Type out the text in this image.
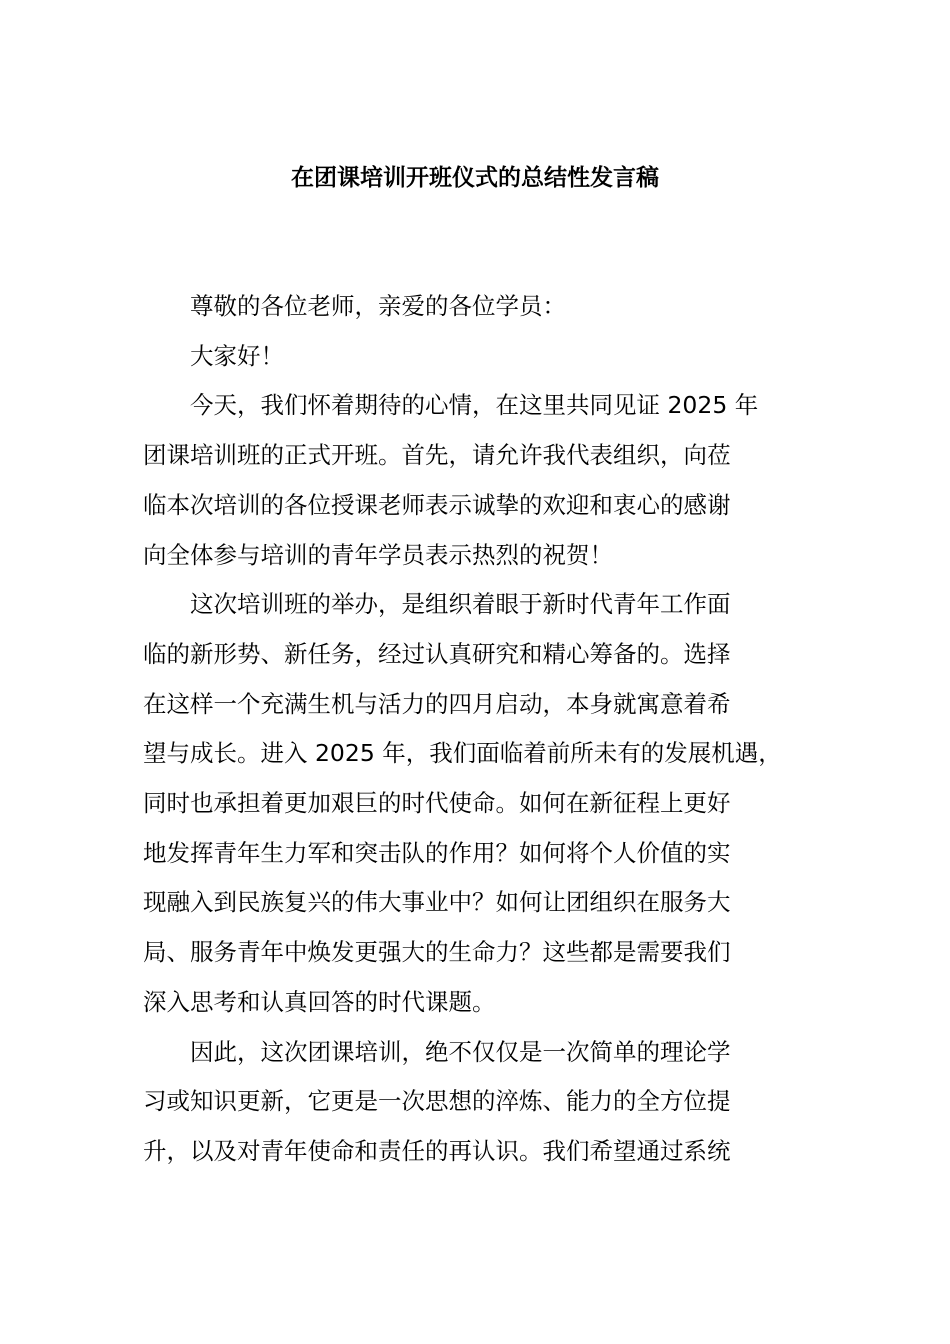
在团课培训开班仪式的总结性发言稿

尊敬的各位老师，亲爱的各位学员：

大家好！

今天，我们怀着期待的心情，在这里共同见证 2025 年
团课培训班的正式开班。首先，请允许我代表组织，向莅
临本次培训的各位授课老师表示诚挚的欢迎和衷心的感谢
向全体参与培训的青年学员表示热烈的祝贺！

这次培训班的举办，是组织着眼于新时代青年工作面
临的新形势、新任务，经过认真研究和精心筹备的。选择
在这样一个充满生机与活力的四月启动，本身就寓意着希
望与成长。进入 2025 年，我们面临着前所未有的发展机遇，
同时也承担着更加艰巨的时代使命。如何在新征程上更好
地发挥青年生力军和突击队的作用？如何将个人价值的实
现融入到民族复兴的伟大事业中？如何让团组织在服务大
局、服务青年中焕发更强大的生命力？这些都是需要我们
深入思考和认真回答的时代课题。

因此，这次团课培训，绝不仅仅是一次简单的理论学
习或知识更新，它更是一次思想的淬炼、能力的全方位提
升，以及对青年使命和责任的再认识。我们希望通过系统
